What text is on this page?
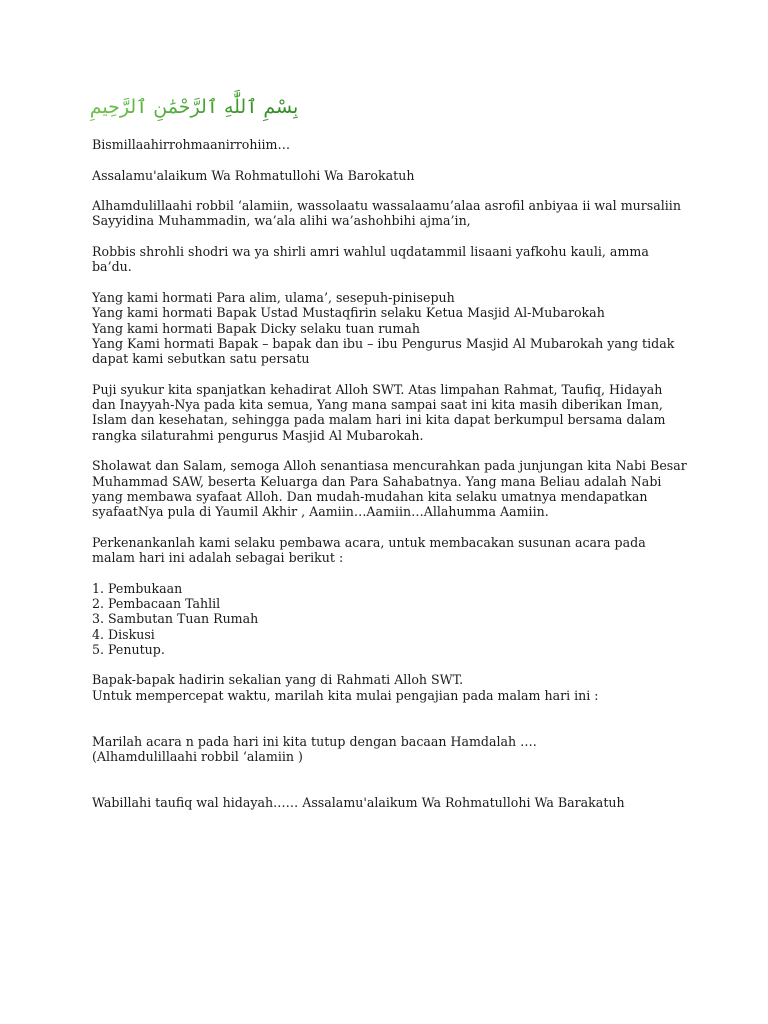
بِسْمِ ٱللَّٰهِ ٱلرَّحْمَٰنِ ٱلرَّحِيمِ

Bismillaahirrohmaanirrohiim…

Assalamu'alaikum Wa Rohmatullohi Wa Barokatuh

Alhamdulillaahi robbil ‘alamiin, wassolaatu wassalaamu’alaa asrofil anbiyaa ii wal mursaliin
Sayyidina Muhammadin, wa’ala alihi wa’ashohbihi ajma’in,

Robbis shrohli shodri wa ya shirli amri wahlul uqdatammil lisaani yafkohu kauli, amma
ba’du.

Yang kami hormati Para alim, ulama’, sesepuh-pinisepuh
Yang kami hormati Bapak Ustad Mustaqfirin selaku Ketua Masjid Al-Mubarokah
Yang kami hormati Bapak Dicky selaku tuan rumah
Yang Kami hormati Bapak – bapak dan ibu – ibu Pengurus Masjid Al Mubarokah yang tidak
dapat kami sebutkan satu persatu

Puji syukur kita spanjatkan kehadirat Alloh SWT. Atas limpahan Rahmat, Taufiq, Hidayah
dan Inayyah-Nya pada kita semua, Yang mana sampai saat ini kita masih diberikan Iman,
Islam dan kesehatan, sehingga pada malam hari ini kita dapat berkumpul bersama dalam
rangka silaturahmi pengurus Masjid Al Mubarokah.

Sholawat dan Salam, semoga Alloh senantiasa mencurahkan pada junjungan kita Nabi Besar
Muhammad SAW, beserta Keluarga dan Para Sahabatnya. Yang mana Beliau adalah Nabi
yang membawa syafaat Alloh. Dan mudah-mudahan kita selaku umatnya mendapatkan
syafaatNya pula di Yaumil Akhir , Aamiin…Aamiin…Allahumma Aamiin.

Perkenankanlah kami selaku pembawa acara, untuk membacakan susunan acara pada
malam hari ini adalah sebagai berikut :

1. Pembukaan
2. Pembacaan Tahlil
3. Sambutan Tuan Rumah
4. Diskusi
5. Penutup.

Bapak-bapak hadirin sekalian yang di Rahmati Alloh SWT.
Untuk mempercepat waktu, marilah kita mulai pengajian pada malam hari ini :

Marilah acara n pada hari ini kita tutup dengan bacaan Hamdalah ….
(Alhamdulillaahi robbil ‘alamiin )

Wabillahi taufiq wal hidayah…… Assalamu'alaikum Wa Rohmatullohi Wa Barakatuh
